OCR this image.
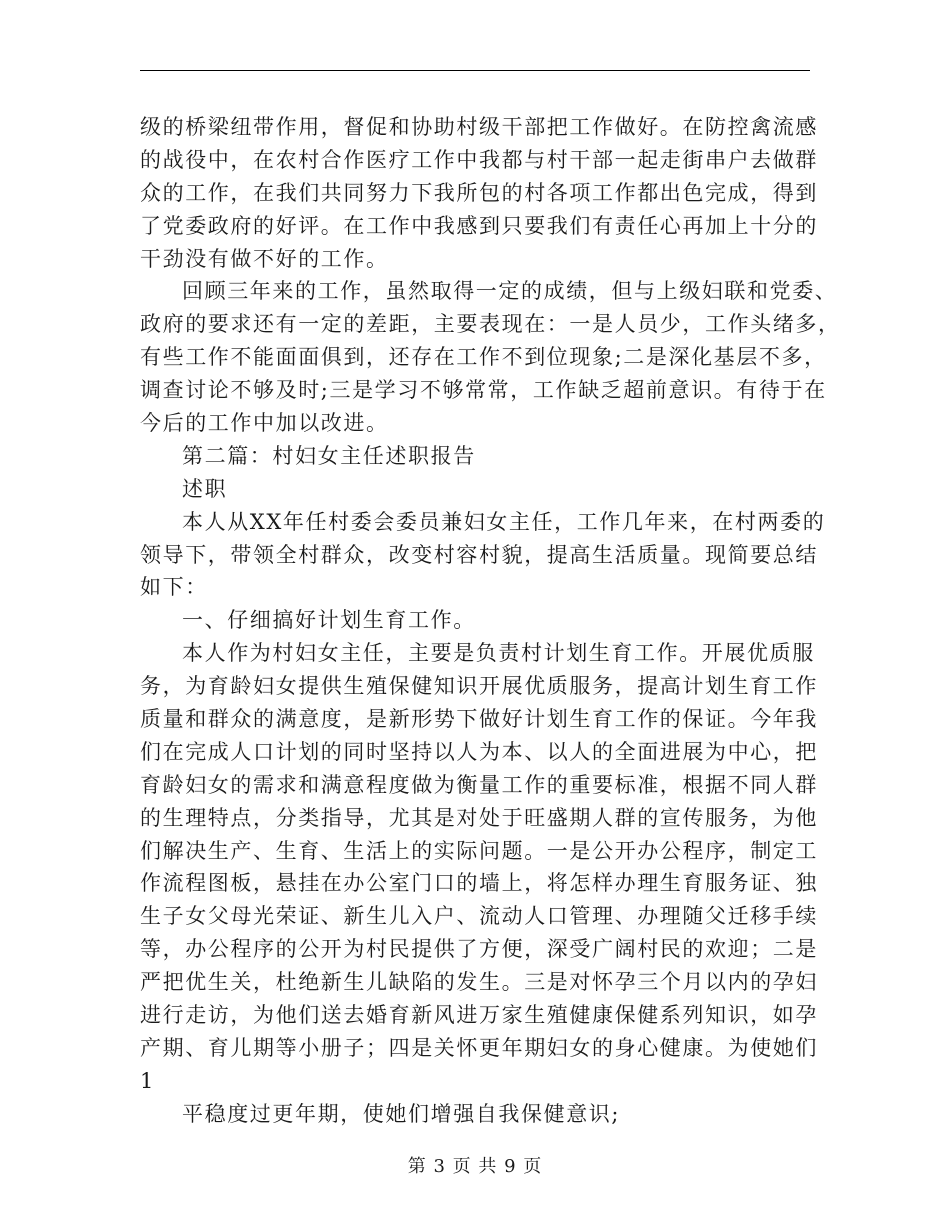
级的桥梁纽带作用，督促和协助村级干部把工作做好。在防控禽流感
的战役中，在农村合作医疗工作中我都与村干部一起走街串户去做群
众的工作，在我们共同努力下我所包的村各项工作都出色完成，得到
了党委政府的好评。在工作中我感到只要我们有责任心再加上十分的
干劲没有做不好的工作。
回顾三年来的工作，虽然取得一定的成绩，但与上级妇联和党委、
政府的要求还有一定的差距，主要表现在：一是人员少，工作头绪多，
有些工作不能面面俱到，还存在工作不到位现象;二是深化基层不多，
调查讨论不够及时;三是学习不够常常，工作缺乏超前意识。有待于在
今后的工作中加以改进。
第二篇：村妇女主任述职报告
述职
本人从XX年任村委会委员兼妇女主任，工作几年来，在村两委的
领导下，带领全村群众，改变村容村貌，提高生活质量。现简要总结
如下：
一、仔细搞好计划生育工作。
本人作为村妇女主任，主要是负责村计划生育工作。开展优质服
务，为育龄妇女提供生殖保健知识开展优质服务，提高计划生育工作
质量和群众的满意度，是新形势下做好计划生育工作的保证。今年我
们在完成人口计划的同时坚持以人为本、以人的全面进展为中心，把
育龄妇女的需求和满意程度做为衡量工作的重要标准，根据不同人群
的生理特点，分类指导，尤其是对处于旺盛期人群的宣传服务，为他
们解决生产、生育、生活上的实际问题。一是公开办公程序，制定工
作流程图板，悬挂在办公室门口的墙上，将怎样办理生育服务证、独
生子女父母光荣证、新生儿入户、流动人口管理、办理随父迁移手续
等，办公程序的公开为村民提供了方便，深受广阔村民的欢迎；二是
严把优生关，杜绝新生儿缺陷的发生。三是对怀孕三个月以内的孕妇
进行走访，为他们送去婚育新风进万家生殖健康保健系列知识，如孕
产期、育儿期等小册子；四是关怀更年期妇女的身心健康。为使她们
1
平稳度过更年期，使她们增强自我保健意识;
第 3 页 共 9 页
